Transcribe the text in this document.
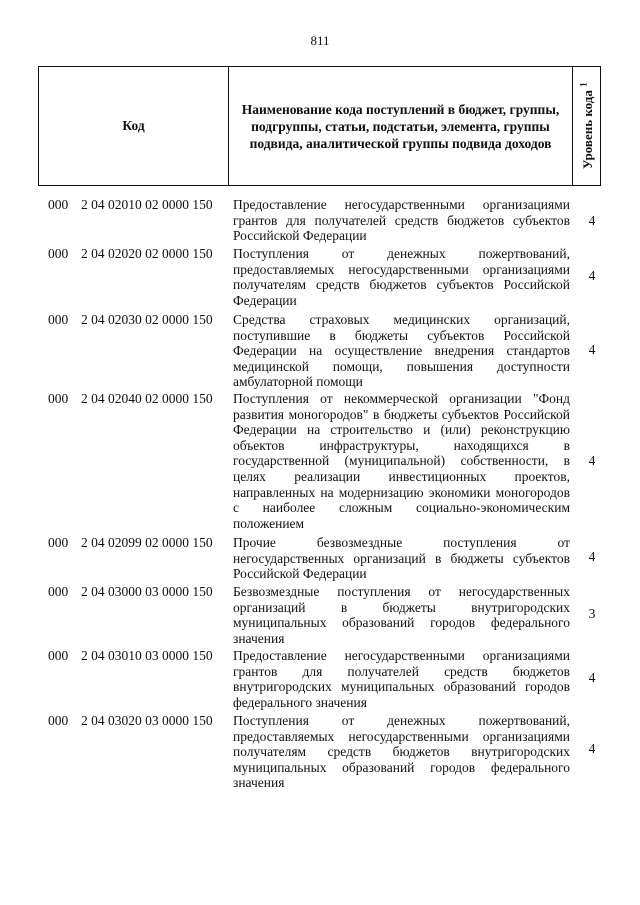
811
Код
Наименование кода поступлений в бюджет, группы, подгруппы, статьи, подстатьи, элемента, группы подвида, аналитической группы подвида доходов	Уровень кода $^1$
000 2 04 02010 02 0000 150 Предоставление негосударственными организациями грантов для получателей средств бюджетов субъектов Российской Федерации
4
000 2 04 02020 02 0000 150 Поступления от денежных пожертвований, предоставляемых негосударственными организациями получателям средств бюджетов субъектов Российской Федерации
4
000 2 04 02030 02 0000 150 Средства страховых медицинских организаций, поступившие в бюджеты субъектов Российской Федерации на осуществление внедрения стандартов медицинской помощи, повышения доступности амбулаторной помощи
4
000 2 04 02040 02 0000 150 Поступления от некоммерческой организации "Фонд развития моногородов" в бюджеты субъектов Российской Федерации на строительство и (или) реконструкцию объектов инфраструктуры, находящихся в государственной (муниципальной) собственности, в целях реализации инвестиционных проектов, направленных на модернизацию экономики моногородов с наиболее сложным социально-экономическим положением
4
000 2 04 02099 02 0000 150 Прочие безвозмездные поступления от негосударственных организаций в бюджеты субъектов Российской Федерации
4
000 2 04 03000 03 0000 150 Безвозмездные поступления от негосударственных организаций в бюджеты внутригородских муниципальных образований городов федерального значения
3
000 2 04 03010 03 0000 150 Предоставление негосударственными организациями грантов для получателей средств бюджетов внутригородских муниципальных образований городов федерального значения
4
000 2 04 03020 03 0000 150 Поступления от денежных пожертвований, предоставляемых негосударственными организациями получателям средств бюджетов внутригородских муниципальных образований городов федерального значения
4
